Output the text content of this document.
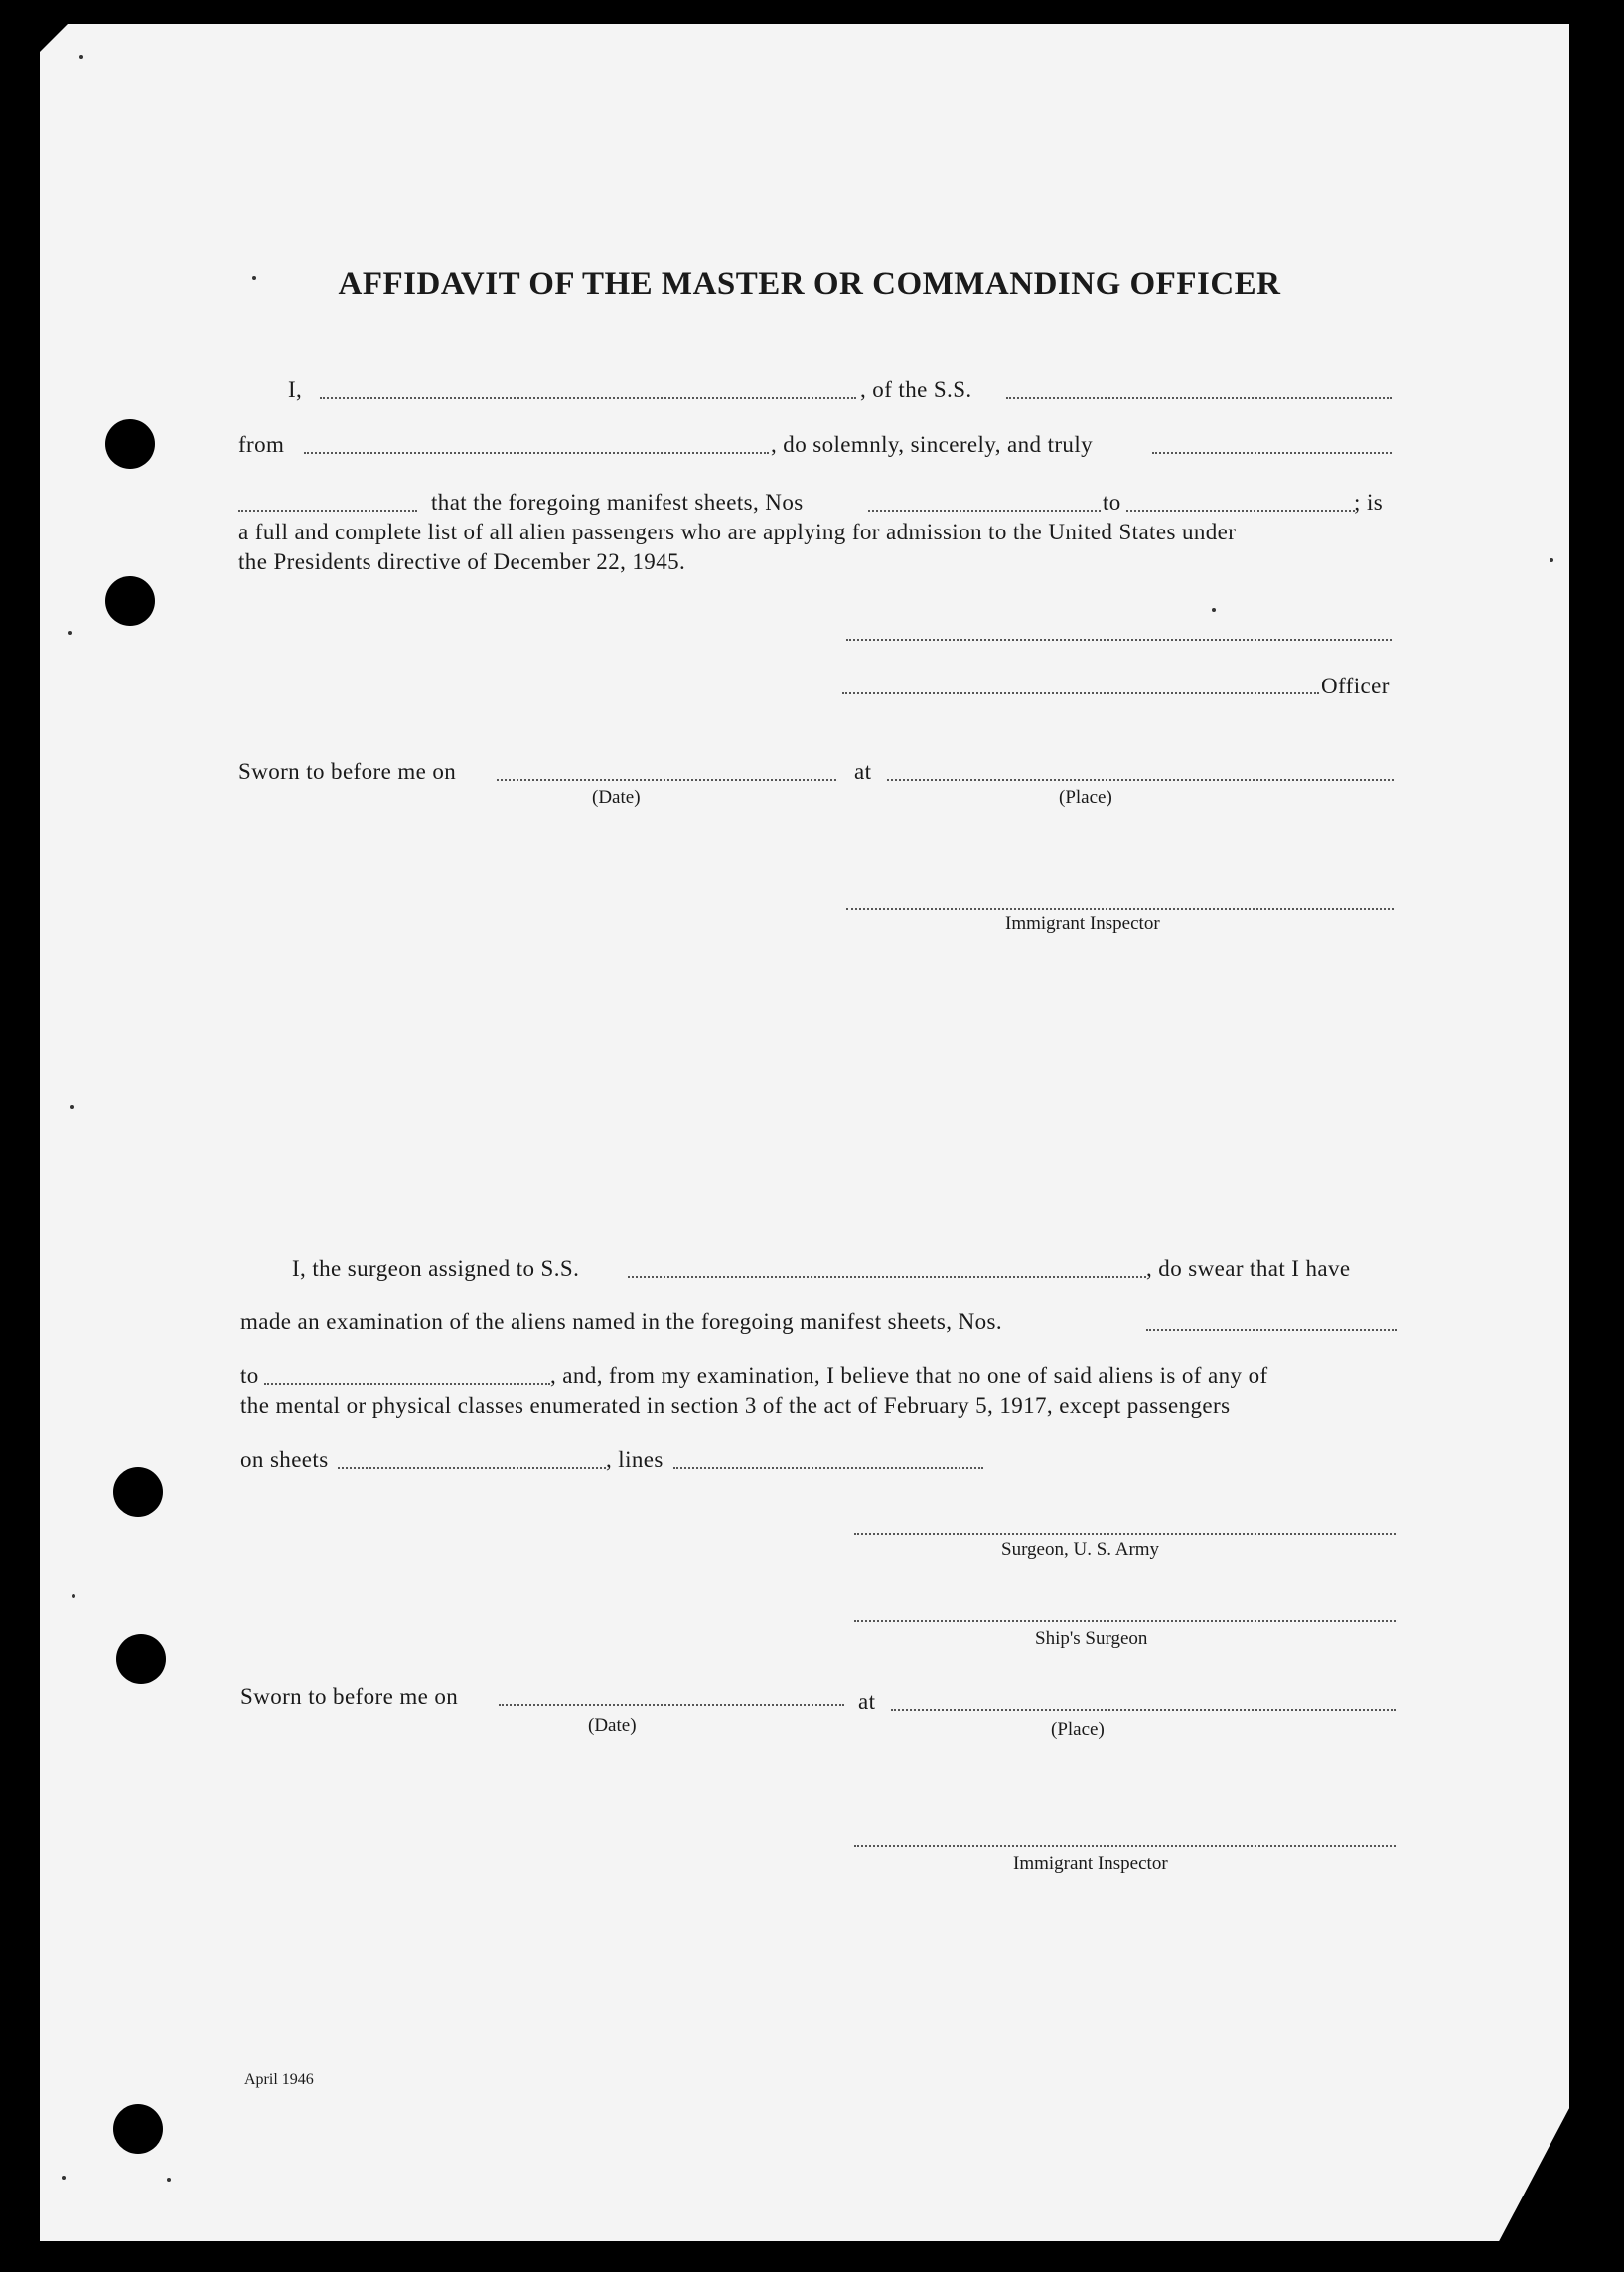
AFFIDAVIT OF THE MASTER OR COMMANDING OFFICER
I,	, of the S.S.
from	, do solemnly, sincerely, and truly
that the foregoing manifest sheets, Nos	to	; is
a full and complete list of all alien passengers who are applying for admission to the United States under
the Presidents directive of December 22, 1945.
Officer
Sworn to before me on	at
(Date)	(Place)
Immigrant Inspector
I, the surgeon assigned to S.S.	, do swear that I have
made an examination of the aliens named in the foregoing manifest sheets, Nos.
to	, and, from my examination, I believe that no one of said aliens is of any of
the mental or physical classes enumerated in section 3 of the act of February 5, 1917, except passengers
on sheets	, lines
Surgeon, U. S. Army
Ship's Surgeon
Sworn to before me on	at
(Date)	(Place)
Immigrant Inspector
April 1946
